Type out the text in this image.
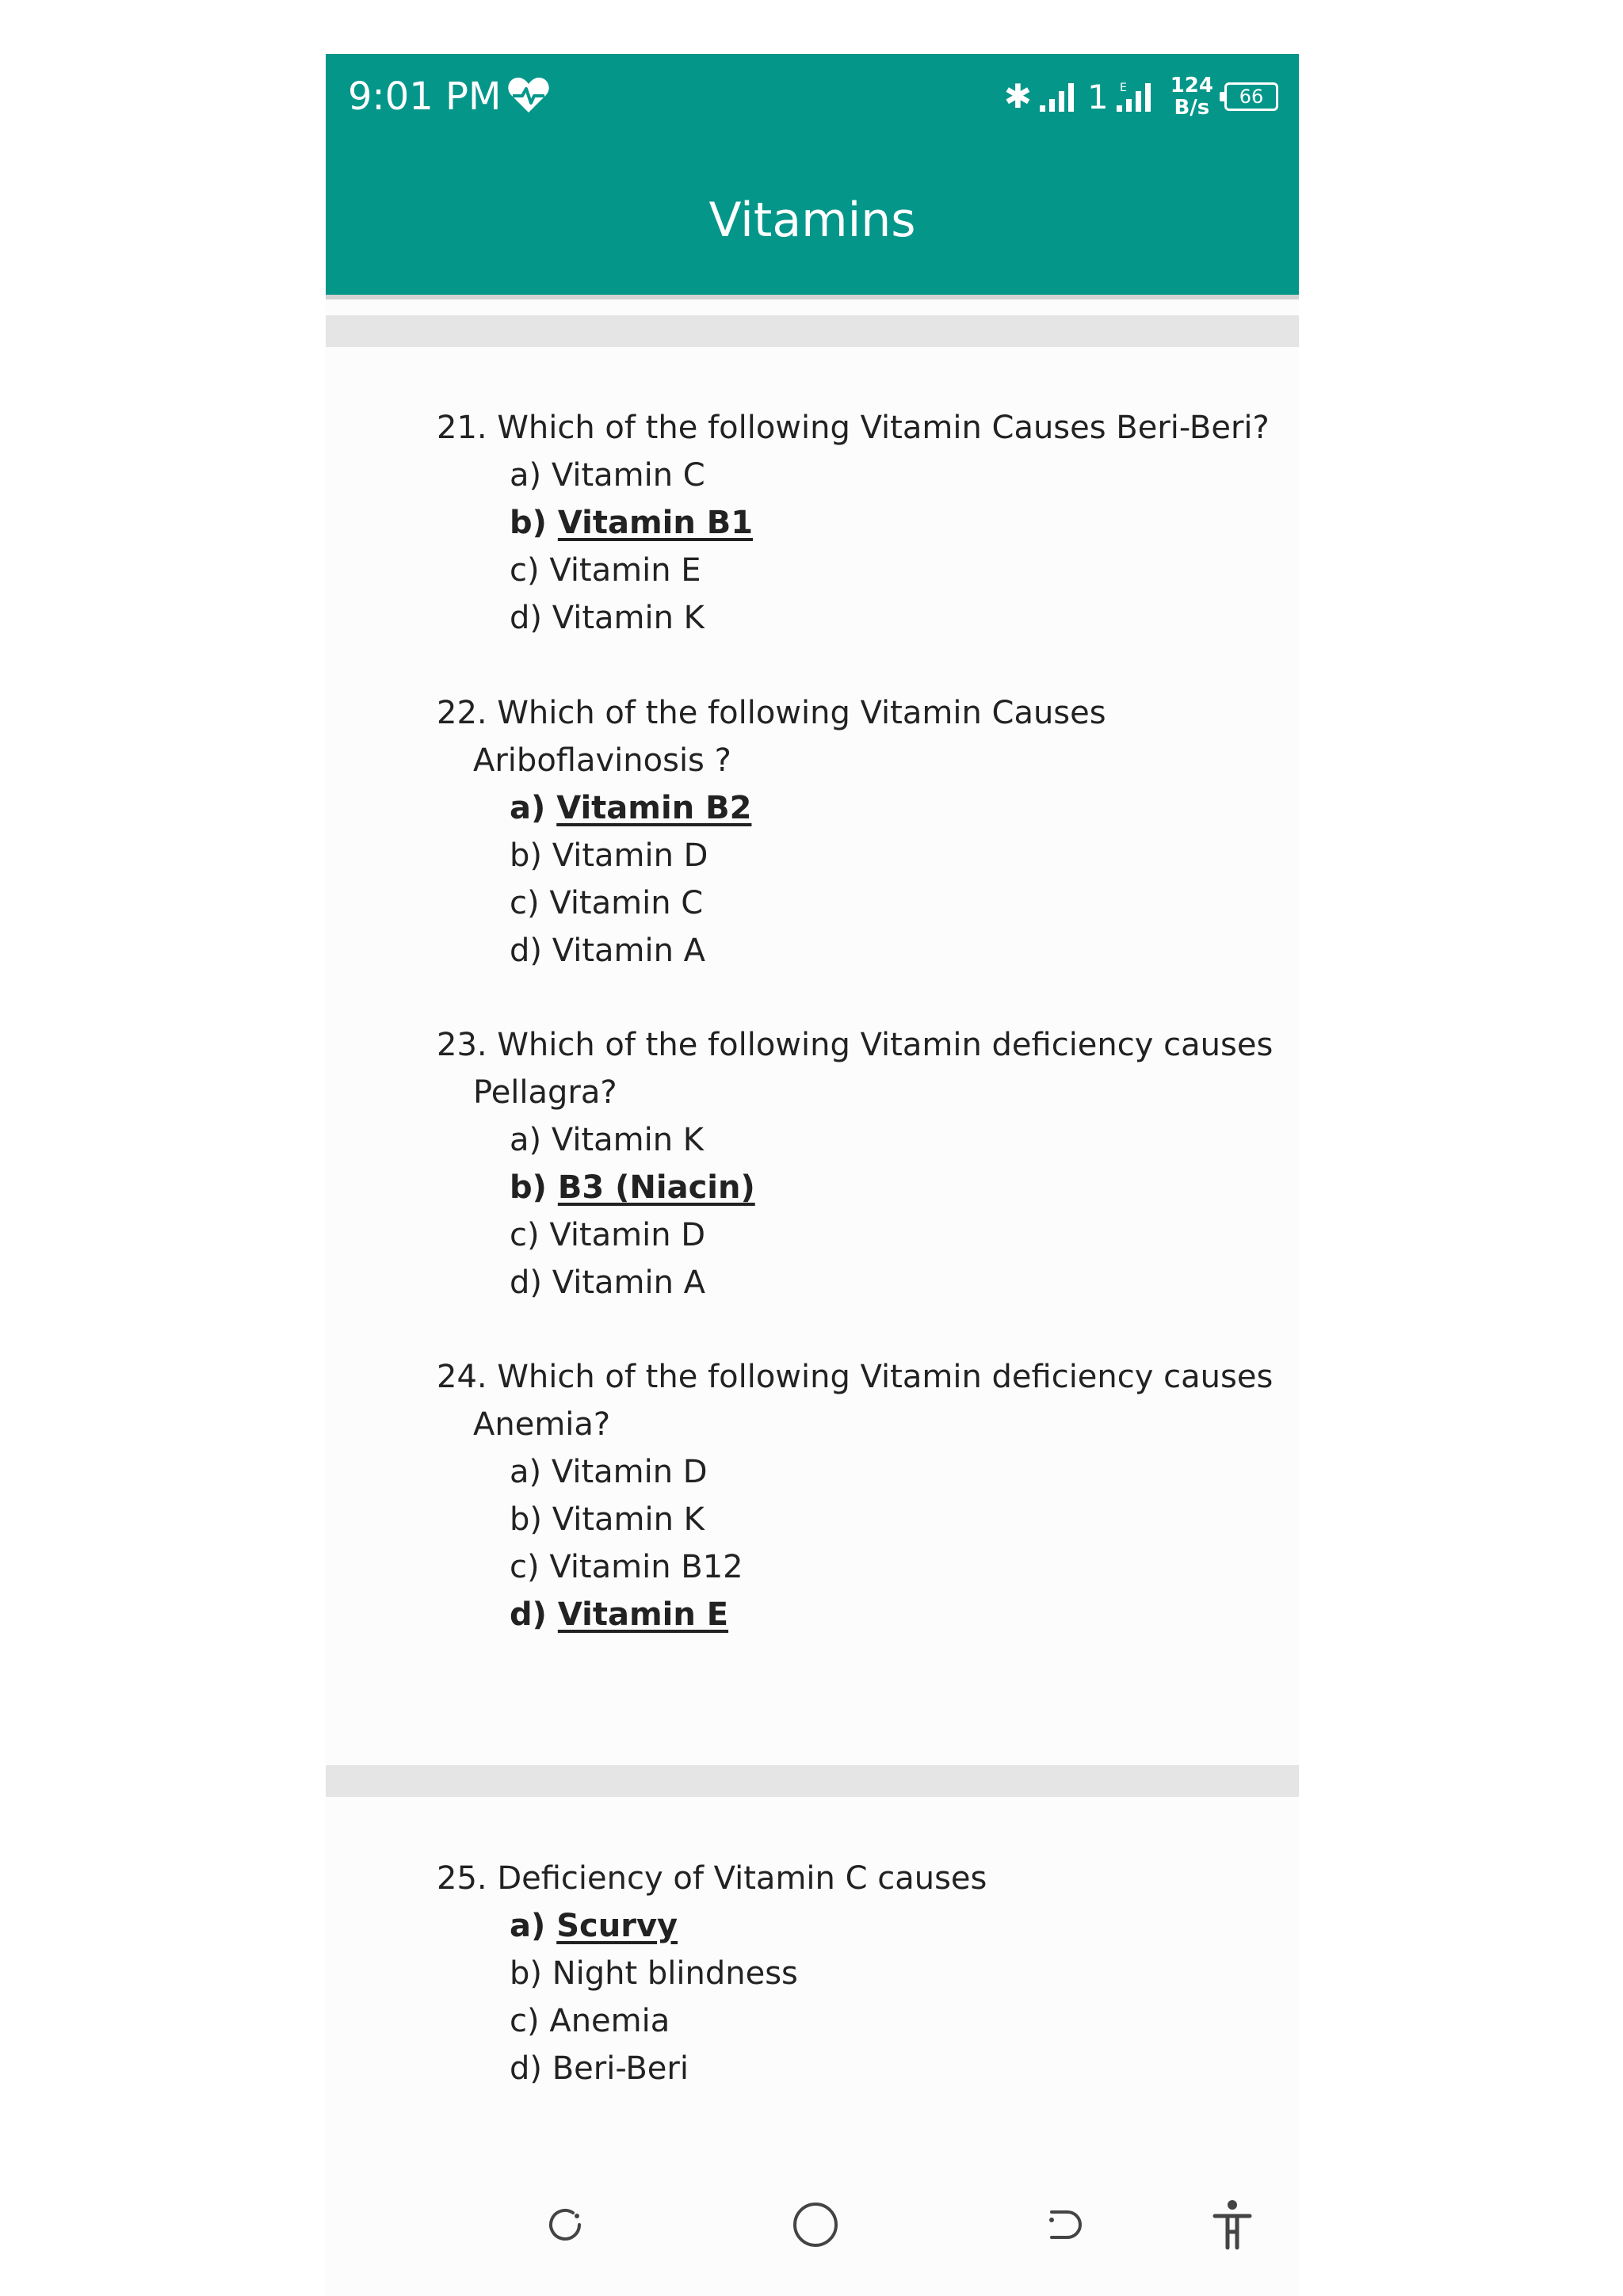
9:01 PM	✱ 1 E 124
B/s 66
Vitamins
21. Which of the following Vitamin Causes Beri-Beri?
a) Vitamin C
b) Vitamin B1
c) Vitamin E
d) Vitamin K
22. Which of the following Vitamin Causes
Ariboflavinosis ?
a) Vitamin B2
b) Vitamin D
c) Vitamin C
d) Vitamin A
23. Which of the following Vitamin deficiency causes
Pellagra?
a) Vitamin K
b) B3 (Niacin)
c) Vitamin D
d) Vitamin A
24. Which of the following Vitamin deficiency causes
Anemia?
a) Vitamin D
b) Vitamin K
c) Vitamin B12
d) Vitamin E
25. Deficiency of Vitamin C causes
a) Scurvy
b) Night blindness
c) Anemia
d) Beri-Beri
